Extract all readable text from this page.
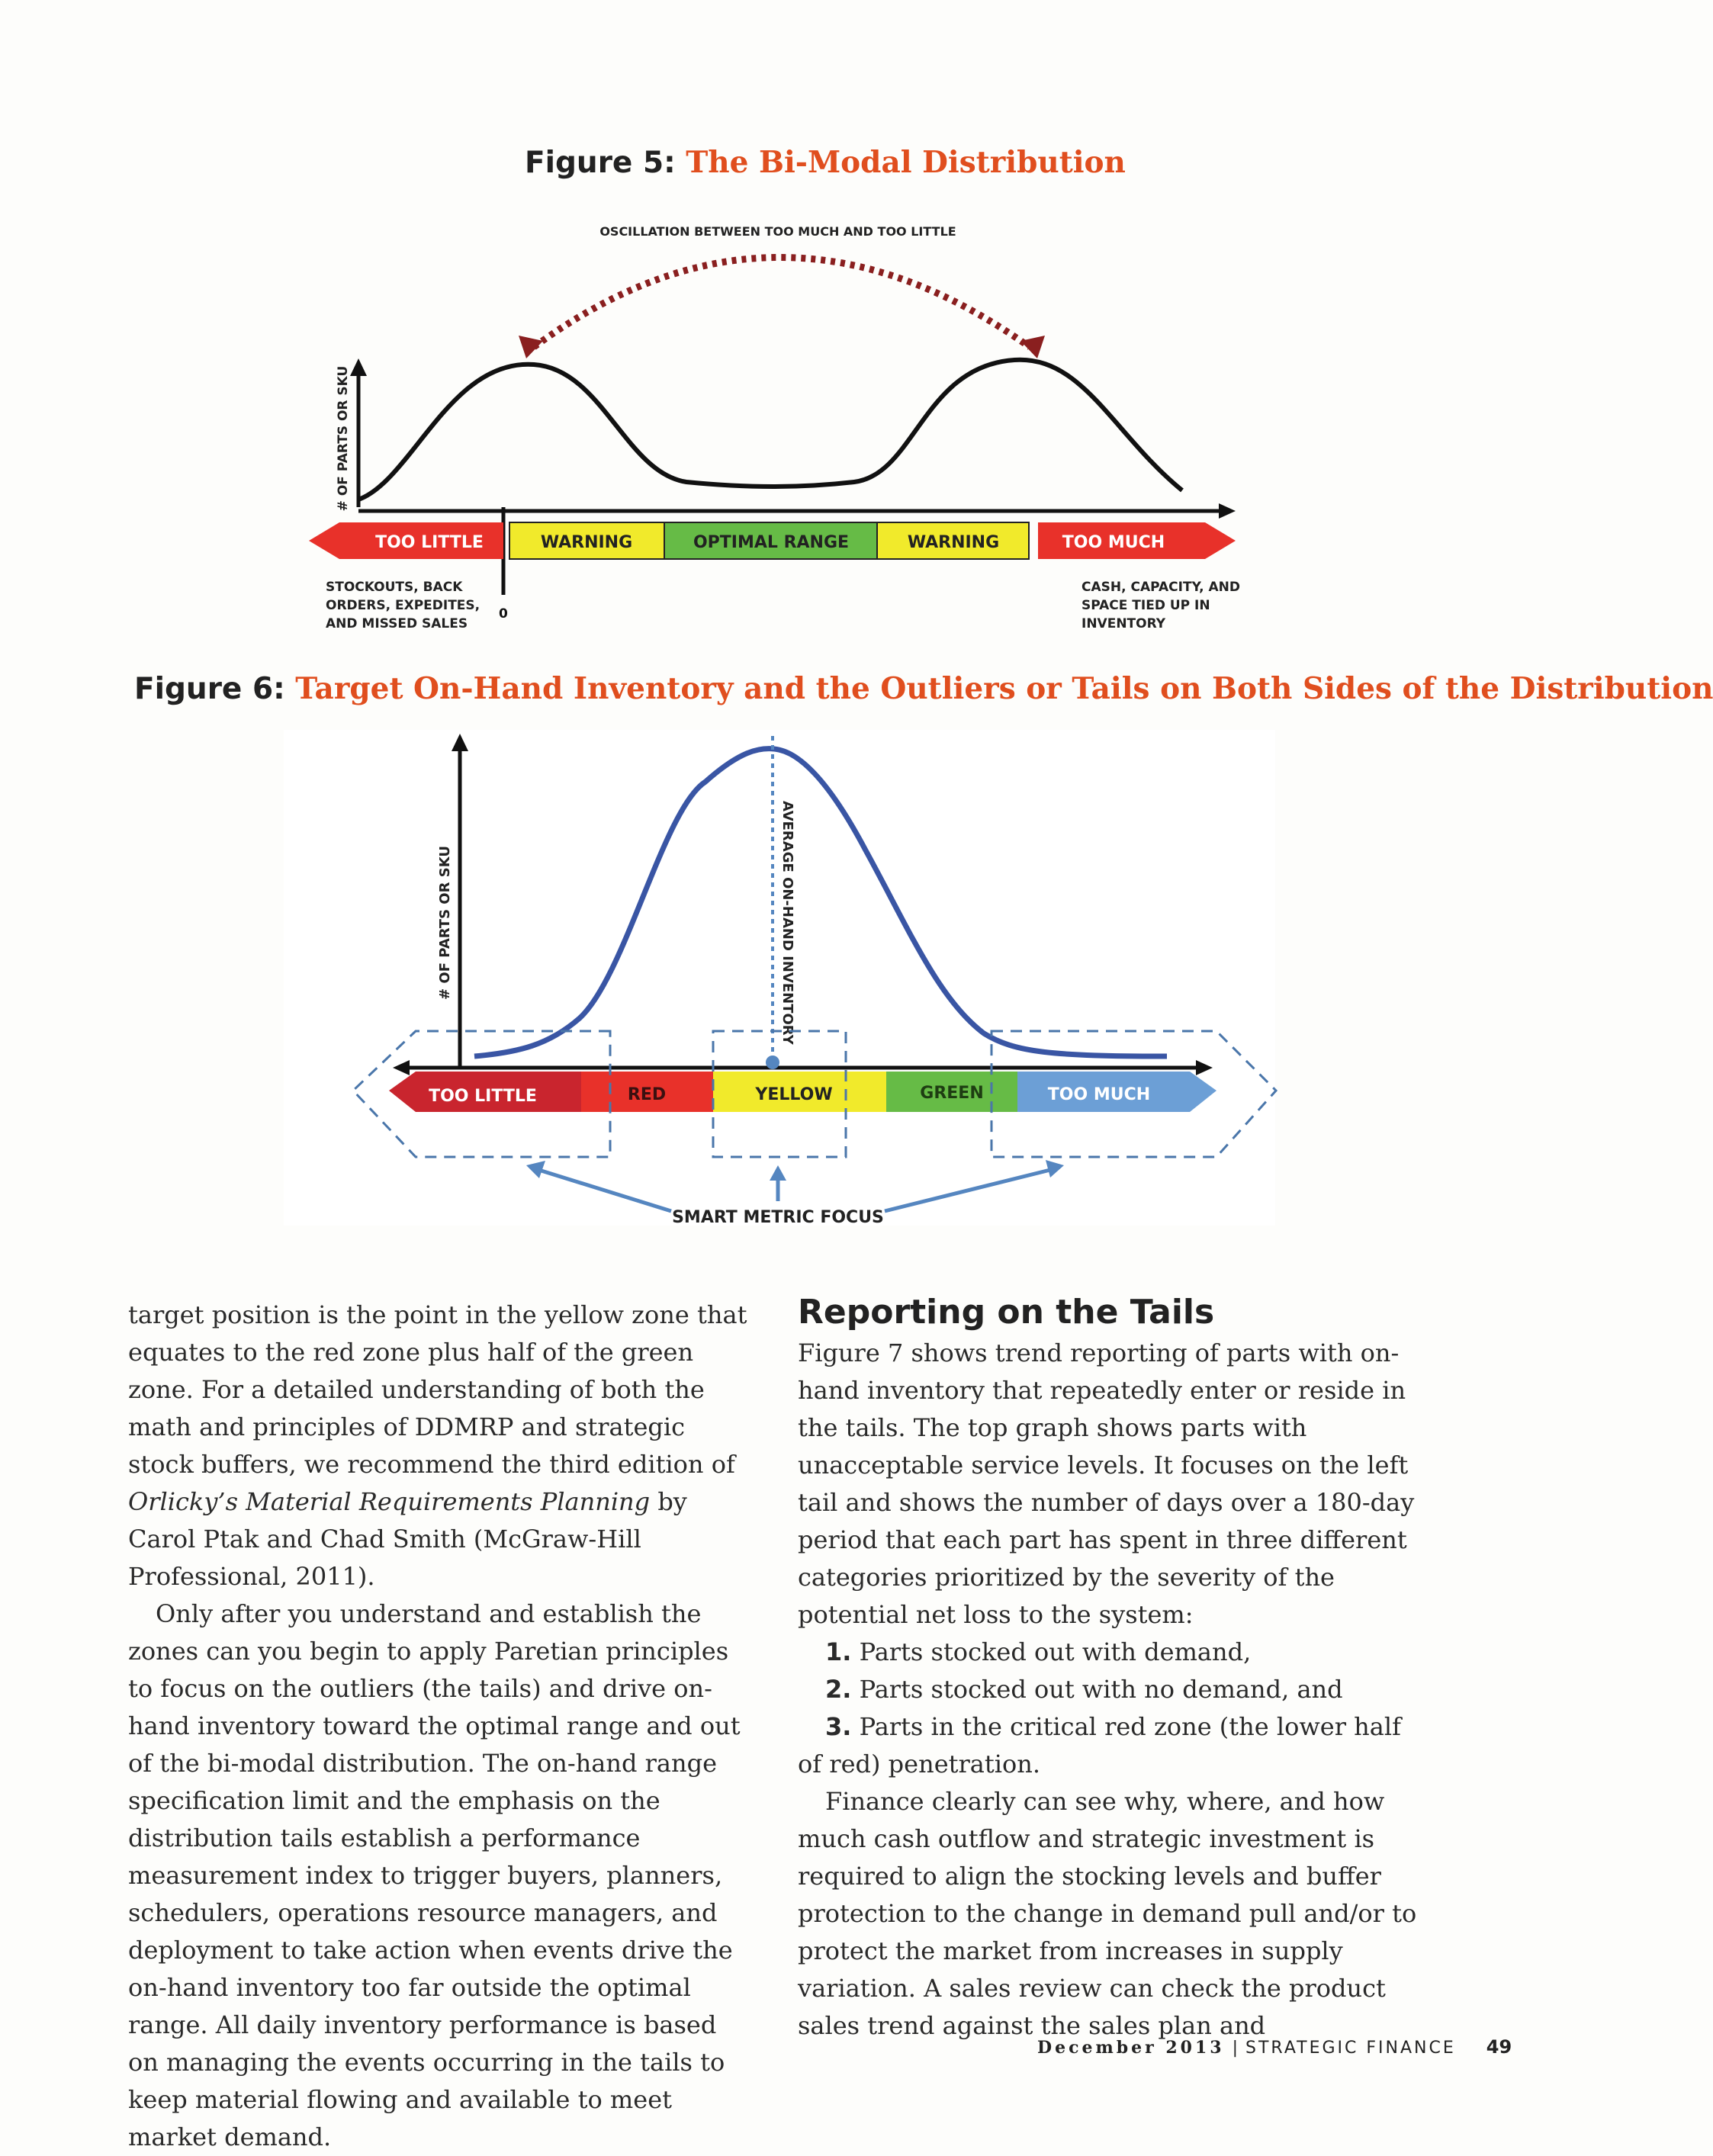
Figure 5: The Bi-Modal Distribution
OSCILLATION BETWEEN TOO MUCH AND TOO LITTLE
# OF PARTS OR SKU
0
TOO LITTLE	WARNING	OPTIMAL RANGE	WARNING	TOO MUCH
STOCKOUTS, BACK
ORDERS, EXPEDITES,
AND MISSED SALES
CASH, CAPACITY, AND
SPACE TIED UP IN
INVENTORY
Figure 6: Target On-Hand Inventory and the Outliers or Tails on Both Sides of the Distribution
# OF PARTS OR SKU	AVERAGE ON-HAND INVENTORY
TOO LITTLE	RED	YELLOW	GREEN	TOO MUCH
SMART METRIC FOCUS

target position is the point in the yellow zone that equates to the red zone plus half of the green zone. For a detailed understanding of both the math and principles of DDMRP and strategic stock buffers, we recommend the third edition of Orlicky’s Material Requirements Planning by Carol Ptak and Chad Smith (McGraw-Hill Professional, 2011).

Only after you understand and establish the zones can you begin to apply Paretian principles to focus on the outliers (the tails) and drive on-hand inventory toward the optimal range and out of the bi-modal distribution. The on-hand range specification limit and the emphasis on the distribution tails establish a performance measurement index to trigger buyers, planners, schedulers, operations resource managers, and deployment to take action when events drive the on-hand inventory too far outside the optimal range. All daily inventory performance is based on managing the events occurring in the tails to keep material flowing and available to meet market demand.

Reporting on the Tails

Figure 7 shows trend reporting of parts with on-hand inventory that repeatedly enter or reside in the tails. The top graph shows parts with unacceptable service levels. It focuses on the left tail and shows the number of days over a 180-day period that each part has spent in three different categories prioritized by the severity of the potential net loss to the system:

1. Parts stocked out with demand,

2. Parts stocked out with no demand, and

3. Parts in the critical red zone (the lower half of red) penetration.

Finance clearly can see why, where, and how much cash outflow and strategic investment is required to align the stocking levels and buffer protection to the change in demand pull and/or to protect the market from increases in supply variation. A sales review can check the product sales trend against the sales plan and

December 2013 | STRATEGIC FINANCE 49
